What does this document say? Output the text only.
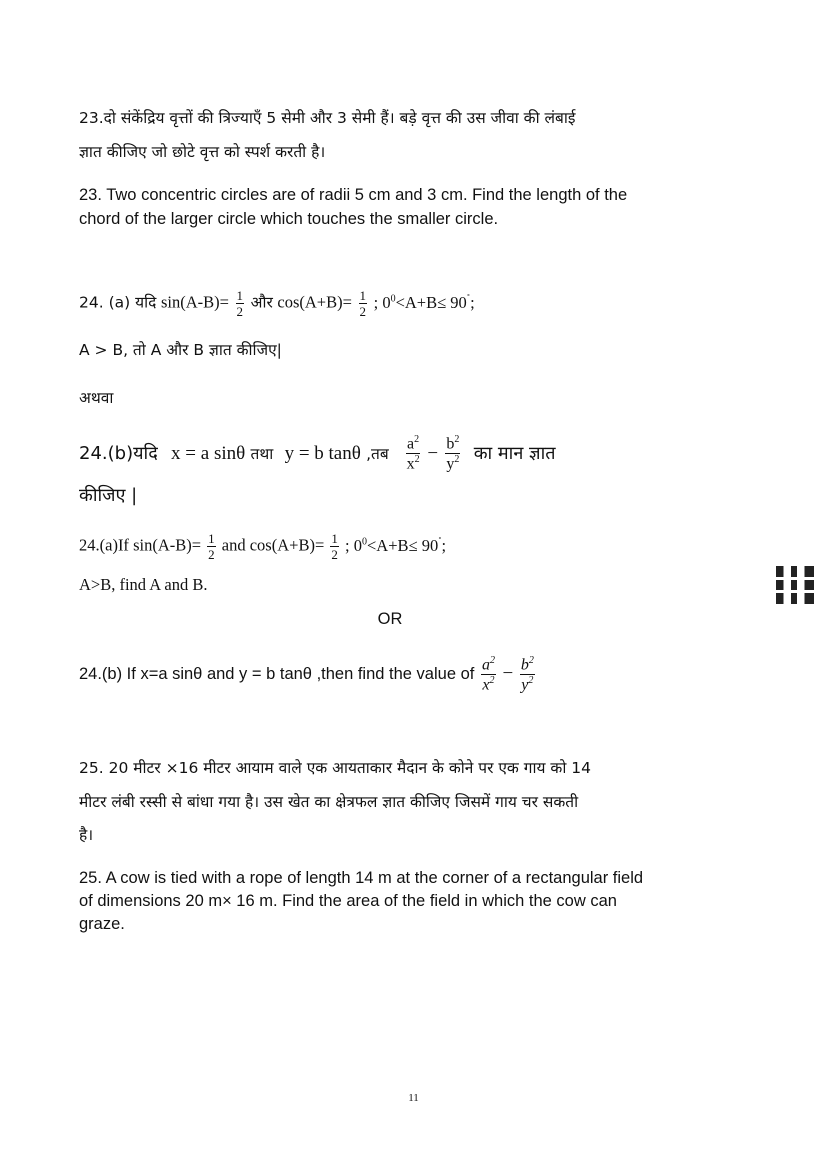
23.दो संकेंद्रिय वृत्तों की त्रिज्याएँ 5 सेमी और 3 सेमी हैं। बड़े वृत्त की उस जीवा की लंबाई
ज्ञात कीजिए जो छोटे वृत्त को स्पर्श करती है।
23. Two concentric circles are of radii 5 cm and 3 cm. Find the length of the
chord of the larger circle which touches the smaller circle.
24. (a) यदि $\sin(A-B)= \frac{1}{2}$ और $\cos(A+B)= \frac{1}{2}$ ; $0^0<A+B\le 90^˚$;
A > B, तो A और B ज्ञात कीजिए|
अथवा
24.(b)यदि x = a sinθ तथा y = b tanθ ,तब $\frac{a^2}{x^2} - \frac{b^2}{y^2}$ का मान ज्ञात
कीजिए |
24.(a)If $\sin(A-B)= \frac{1}{2}$ and $\cos(A+B)= \frac{1}{2}$ ; $0^0<A+B\le 90^˚$;
A>B, find A and B.
OR
24.(b) If x=a sinθ and y = b tanθ ,then find the value of $\frac{a^2}{x^2} - \frac{b^2}{y^2}$
25. 20 मीटर ×16 मीटर आयाम वाले एक आयताकार मैदान के कोने पर एक गाय को 14
मीटर लंबी रस्सी से बांधा गया है। उस खेत का क्षेत्रफल ज्ञात कीजिए जिसमें गाय चर सकती
है।
25. A cow is tied with a rope of length 14 m at the corner of a rectangular field
of dimensions 20 m× 16 m. Find the area of the field in which the cow can
graze.
11
